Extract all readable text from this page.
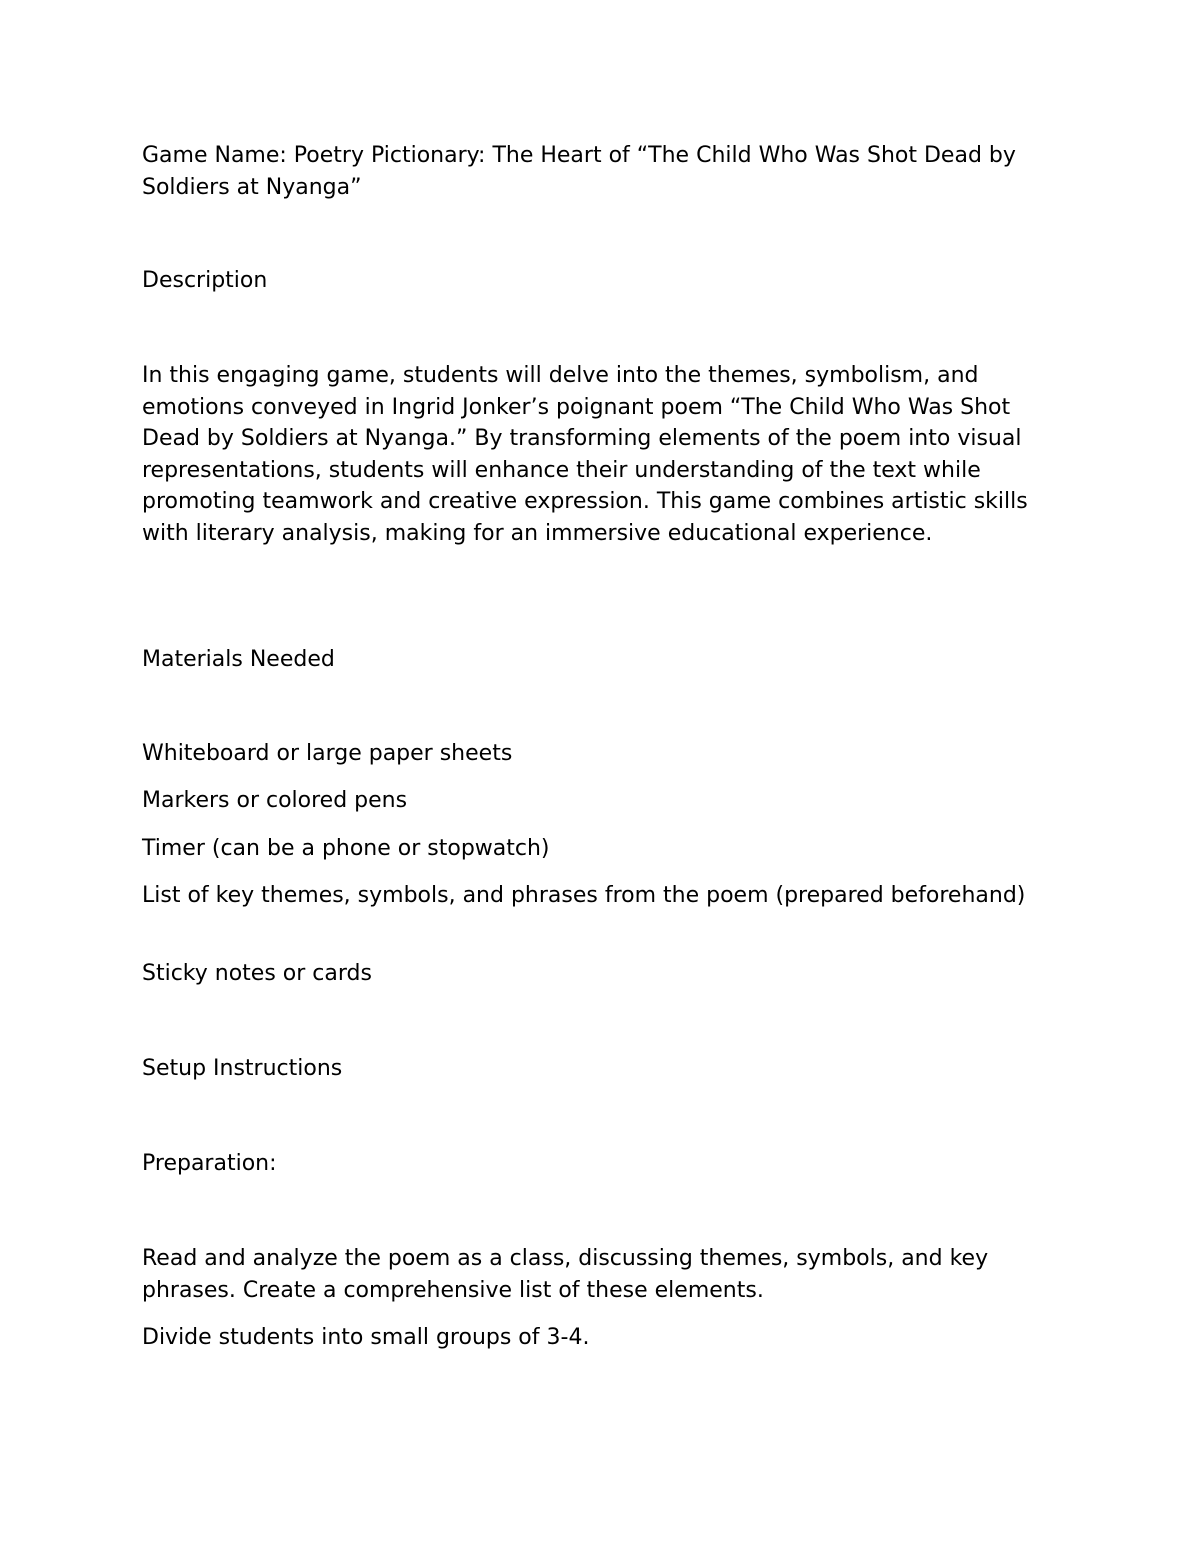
Game Name: Poetry Pictionary: The Heart of “The Child Who Was Shot Dead by Soldiers at Nyanga”

Description

In this engaging game, students will delve into the themes, symbolism, and emotions conveyed in Ingrid Jonker’s poignant poem “The Child Who Was Shot Dead by Soldiers at Nyanga.” By transforming elements of the poem into visual representations, students will enhance their understanding of the text while promoting teamwork and creative expression. This game combines artistic skills with literary analysis, making for an immersive educational experience.

Materials Needed

Whiteboard or large paper sheets

Markers or colored pens

Timer (can be a phone or stopwatch)

List of key themes, symbols, and phrases from the poem (prepared beforehand)

Sticky notes or cards

Setup Instructions

Preparation:

Read and analyze the poem as a class, discussing themes, symbols, and key phrases. Create a comprehensive list of these elements.

Divide students into small groups of 3-4.
